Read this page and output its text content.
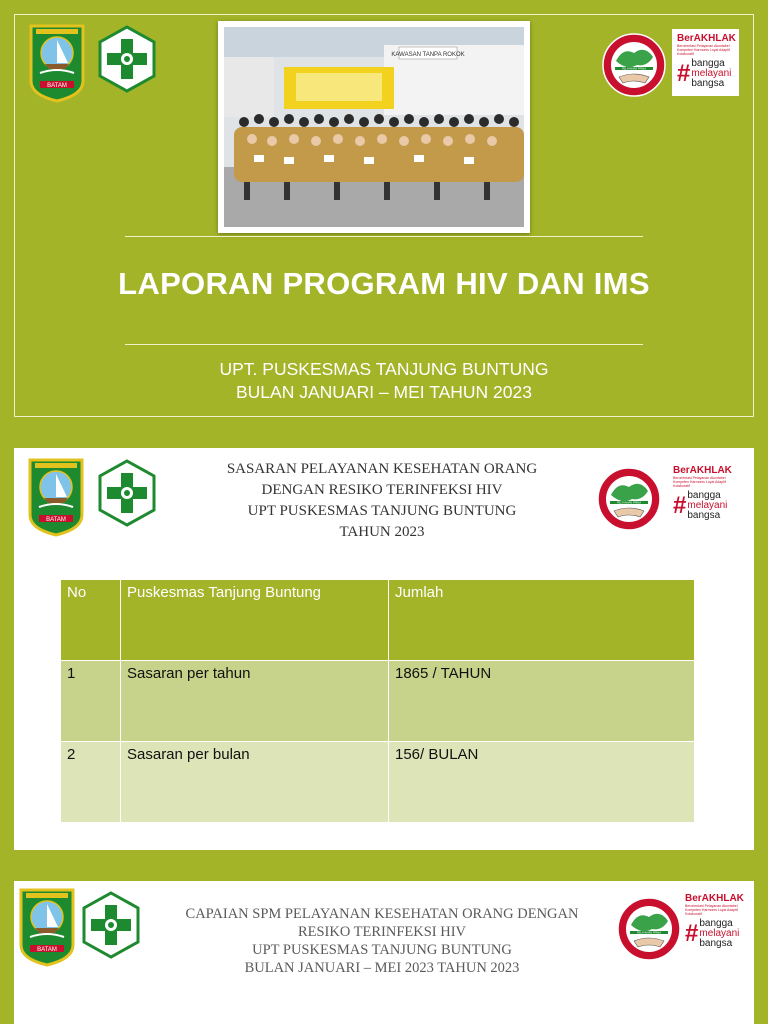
BATAM
KAWASAN TANPA ROKOK
PELAYANAN PRIMA
BerAKHLAK
Berorientasi Pelayanan Akuntabel Kompeten Harmonis Loyal Adaptif Kolaboratif
# bangga
melayani
bangsa
LAPORAN PROGRAM HIV DAN IMS
UPT. PUSKESMAS TANJUNG BUNTUNG
BULAN JANUARI – MEI TAHUN 2023
BATAM
SASARAN PELAYANAN KESEHATAN ORANG
DENGAN RESIKO TERINFEKSI HIV
UPT PUSKESMAS TANJUNG BUNTUNG
TAHUN 2023
PELAYANAN PRIMA
BerAKHLAK
Berorientasi Pelayanan Akuntabel Kompeten Harmonis Loyal Adaptif Kolaboratif
# bangga
melayani
bangsa
No	Puskesmas Tanjung Buntung	Jumlah
1	Sasaran per tahun	1865 / TAHUN
2	Sasaran per bulan	156/ BULAN
BATAM
CAPAIAN SPM PELAYANAN KESEHATAN ORANG DENGAN
RESIKO TERINFEKSI HIV
UPT PUSKESMAS TANJUNG BUNTUNG
BULAN JANUARI – MEI 2023 TAHUN 2023
PELAYANAN PRIMA
BerAKHLAK
Berorientasi Pelayanan Akuntabel Kompeten Harmonis Loyal Adaptif Kolaboratif
# bangga
melayani
bangsa
